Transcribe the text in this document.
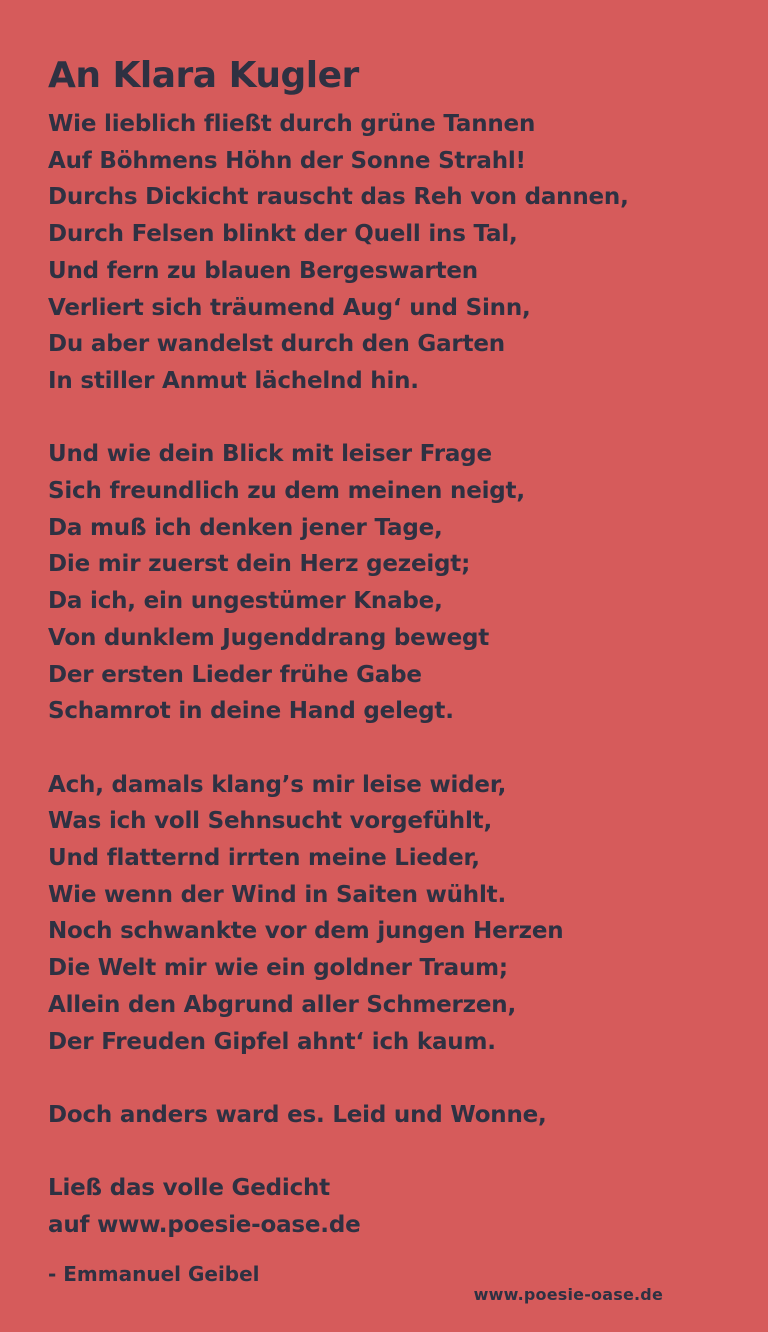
An Klara Kugler
Wie lieblich fließt durch grüne Tannen
Auf Böhmens Höhn der Sonne Strahl!
Durchs Dickicht rauscht das Reh von dannen,
Durch Felsen blinkt der Quell ins Tal,
Und fern zu blauen Bergeswarten
Verliert sich träumend Aug‘ und Sinn,
Du aber wandelst durch den Garten
In stiller Anmut lächelnd hin.
Und wie dein Blick mit leiser Frage
Sich freundlich zu dem meinen neigt,
Da muß ich denken jener Tage,
Die mir zuerst dein Herz gezeigt;
Da ich, ein ungestümer Knabe,
Von dunklem Jugenddrang bewegt
Der ersten Lieder frühe Gabe
Schamrot in deine Hand gelegt.
Ach, damals klang’s mir leise wider,
Was ich voll Sehnsucht vorgefühlt,
Und flatternd irrten meine Lieder,
Wie wenn der Wind in Saiten wühlt.
Noch schwankte vor dem jungen Herzen
Die Welt mir wie ein goldner Traum;
Allein den Abgrund aller Schmerzen,
Der Freuden Gipfel ahnt‘ ich kaum.
Doch anders ward es. Leid und Wonne,
Ließ das volle Gedicht
auf www.poesie-oase.de
- Emmanuel Geibel
www.poesie-oase.de
